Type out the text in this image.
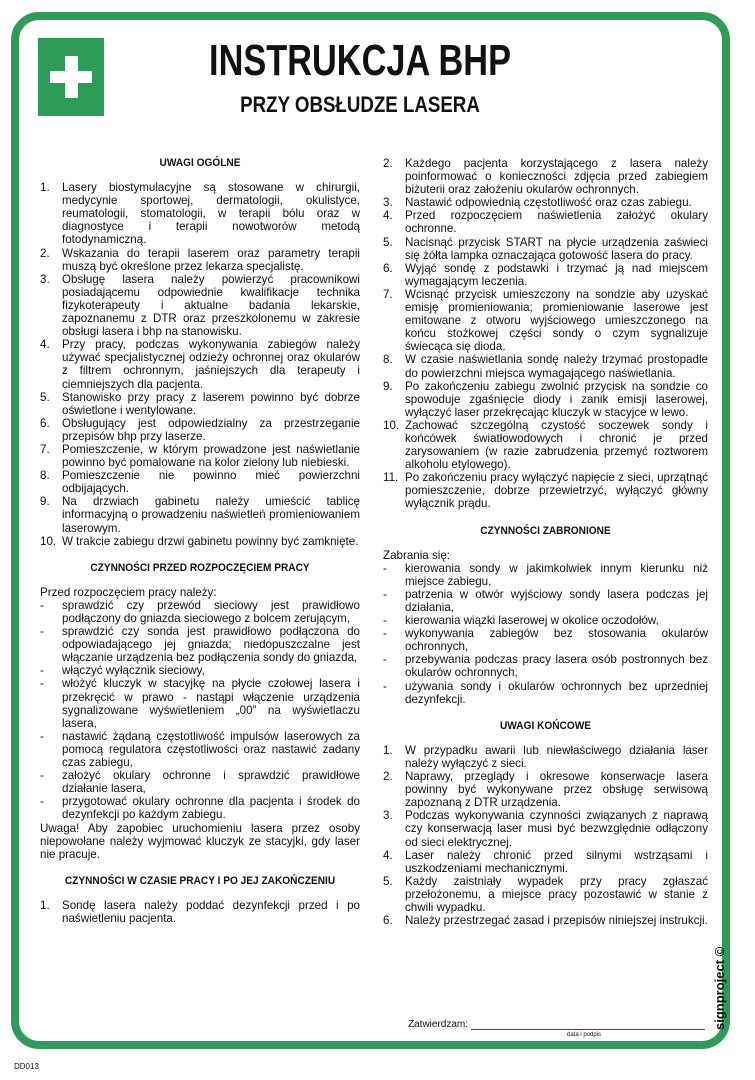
INSTRUKCJA BHP
PRZY OBSŁUDZE LASERA
UWAGI OGÓLNE
1.	Lasery biostymulacyjne są stosowane w chirurgii, medycynie sportowej, dermatologii, okulistyce, reumatologii, stomatologii, w terapii bólu oraz w diagnostyce i terapii nowotworów metodą fotodynamiczną.
2.	Wskazania do terapii laserem oraz parametry terapii muszą być określone przez lekarza specjalistę.
3.	Obsługę lasera należy powierzyć pracownikowi posiadającemu odpowiednie kwalifikacje technika fizykoterapeuty i aktualne badania lekarskie, zapoznanemu z DTR oraz przeszkolonemu w zakresie obsługi lasera i bhp na stanowisku.
4.	Przy pracy, podczas wykonywania zabiegów należy używać specjalistycznej odzieży ochronnej oraz okularów z filtrem ochronnym, jaśniejszych dla terapeuty i ciemniejszych dla pacjenta.
5.	Stanowisko przy pracy z laserem powinno być dobrze oświetlone i wentylowane.
6.	Obsługujący jest odpowiedzialny za przestrzeganie przepisów bhp przy laserze.
7.	Pomieszczenie, w którym prowadzone jest naświetlanie powinno być pomalowane na kolor zielony lub niebieski.
8.	Pomieszczenie nie powinno mieć powierzchni odbijających.
9.	Na drzwiach gabinetu należy umieścić tablicę informacyjną o prowadzeniu naświetleń promieniowaniem laserowym.
10. W trakcie zabiegu drzwi gabinetu powinny być zamknięte.
CZYNNOŚCI PRZED ROZPOCZĘCIEM PRACY
Przed rozpoczęciem pracy należy:
-	sprawdzić czy przewód sieciowy jest prawidłowo podłączony do gniazda sieciowego z bolcem zerującym,
-	sprawdzić czy sonda jest prawidłowo podłączona do odpowiadającego jej gniazda; niedopuszczalne jest włączanie urządzenia bez podłączenia sondy do gniazda,
-	włączyć wyłącznik sieciowy,
-	włożyć kluczyk w stacyjkę na płycie czołowej lasera i przekręcić w prawo - nastąpi włączenie urządzenia sygnalizowane wyświetleniem „00” na wyświetlaczu lasera,
-	nastawić żądaną częstotliwość impulsów laserowych za pomocą regulatora częstotliwości oraz nastawić zadany czas zabiegu,
-	założyć okulary ochronne i sprawdzić prawidłowe działanie lasera,
-	przygotować okulary ochronne dla pacjenta i środek do dezynfekcji po każdym zabiegu.
Uwaga! Aby zapobiec uruchomieniu lasera przez osoby niepowołane należy wyjmować kluczyk ze stacyjki, gdy laser nie pracuje.
CZYNNOŚCI W CZASIE PRACY I PO JEJ ZAKOŃCZENIU
1.	Sondę lasera należy poddać dezynfekcji przed i po naświetleniu pacjenta.
2.	Każdego pacjenta korzystającego z lasera należy poinformować o konieczności zdjęcia przed zabiegiem biżuterii oraz założeniu okularów ochronnych.
3.	Nastawić odpowiednią częstotliwość oraz czas zabiegu.
4.	Przed rozpoczęciem naświetlenia założyć okulary ochronne.
5.	Nacisnąć przycisk START na płycie urządzenia zaświeci się żółta lampka oznaczająca gotowość lasera do pracy.
6.	Wyjąć sondę z podstawki i trzymać ją nad miejscem wymagającym leczenia.
7.	Wcisnąć przycisk umieszczony na sondzie aby uzyskać emisję promieniowania; promieniowanie laserowe jest emitowane z otworu wyjściowego umieszczonego na końcu stożkowej części sondy o czym sygnalizuje świecąca się dioda.
8.	W czasie naświetlania sondę należy trzymać prostopadle do powierzchni miejsca wymagającego naświetlania.
9.	Po zakończeniu zabiegu zwolnić przycisk na sondzie co spowoduje zgaśnięcie diody i zanik emisji laserowej, wyłączyć laser przekręcając kluczyk w stacyjce w lewo.
10. Zachować szczególną czystość soczewek sondy i końcówek światłowodowych i chronić je przed zarysowaniem (w razie zabrudzenia przemyć roztworem alkoholu etylowego).
11. Po zakończeniu pracy wyłączyć napięcie z sieci, uprzątnąć pomieszczenie, dobrze przewietrzyć, wyłączyć główny wyłącznik prądu.
CZYNNOŚCI ZABRONIONE
Zabrania się:
-	kierowania sondy w jakimkolwiek innym kierunku niż miejsce zabiegu,
-	patrzenia w otwór wyjściowy sondy lasera podczas jej działania,
-	kierowania wiązki laserowej w okolice oczodołów,
-	wykonywania zabiegów bez stosowania okularów ochronnych,
-	przebywania podczas pracy lasera osób postronnych bez okularów ochronnych,
-	używania sondy i okularów ochronnych bez uprzedniej dezynfekcji.
UWAGI KOŃCOWE
1.	W przypadku awarii lub niewłaściwego działania laser należy wyłączyć z sieci.
2.	Naprawy, przeglądy i okresowe konserwacje lasera powinny być wykonywane przez obsługę serwisową zapoznaną z DTR urządzenia.
3.	Podczas wykonywania czynności związanych z naprawą czy konserwacją laser musi być bezwzględnie odłączony od sieci elektrycznej.
4.	Laser należy chronić przed silnymi wstrząsami i uszkodzeniami mechanicznymi.
5.	Każdy zaistniały wypadek przy pracy zgłaszać przełożonemu, a miejsce pracy pozostawić w stanie z chwili wypadku.
6.	Należy przestrzegać zasad i przepisów niniejszej instrukcji.
Zatwierdzam:
data i podpis
signproject ©
DD013
